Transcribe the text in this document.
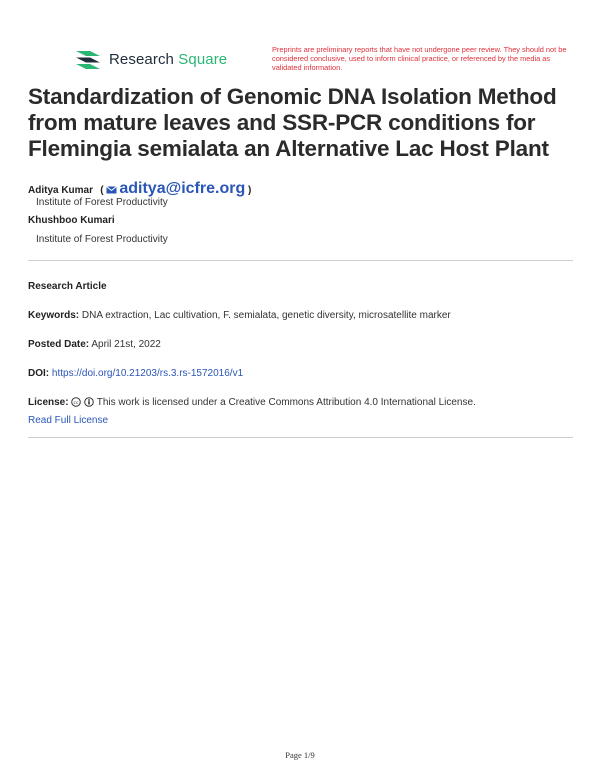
Research Square
Preprints are preliminary reports that have not undergone peer review. They should not be considered conclusive, used to inform clinical practice, or referenced by the media as validated information.
Standardization of Genomic DNA Isolation Method from mature leaves and SSR-PCR conditions for Flemingia semialata an Alternative Lac Host Plant
Aditya Kumar  ( aditya@icfre.org )
Institute of Forest Productivity
Khushboo Kumari
Institute of Forest Productivity
Research Article
Keywords: DNA extraction, Lac cultivation, F. semialata, genetic diversity, microsatellite marker
Posted Date: April 21st, 2022
DOI: https://doi.org/10.21203/rs.3.rs-1572016/v1
License: cc This work is licensed under a Creative Commons Attribution 4.0 International License.
Read Full License
Page 1/9
